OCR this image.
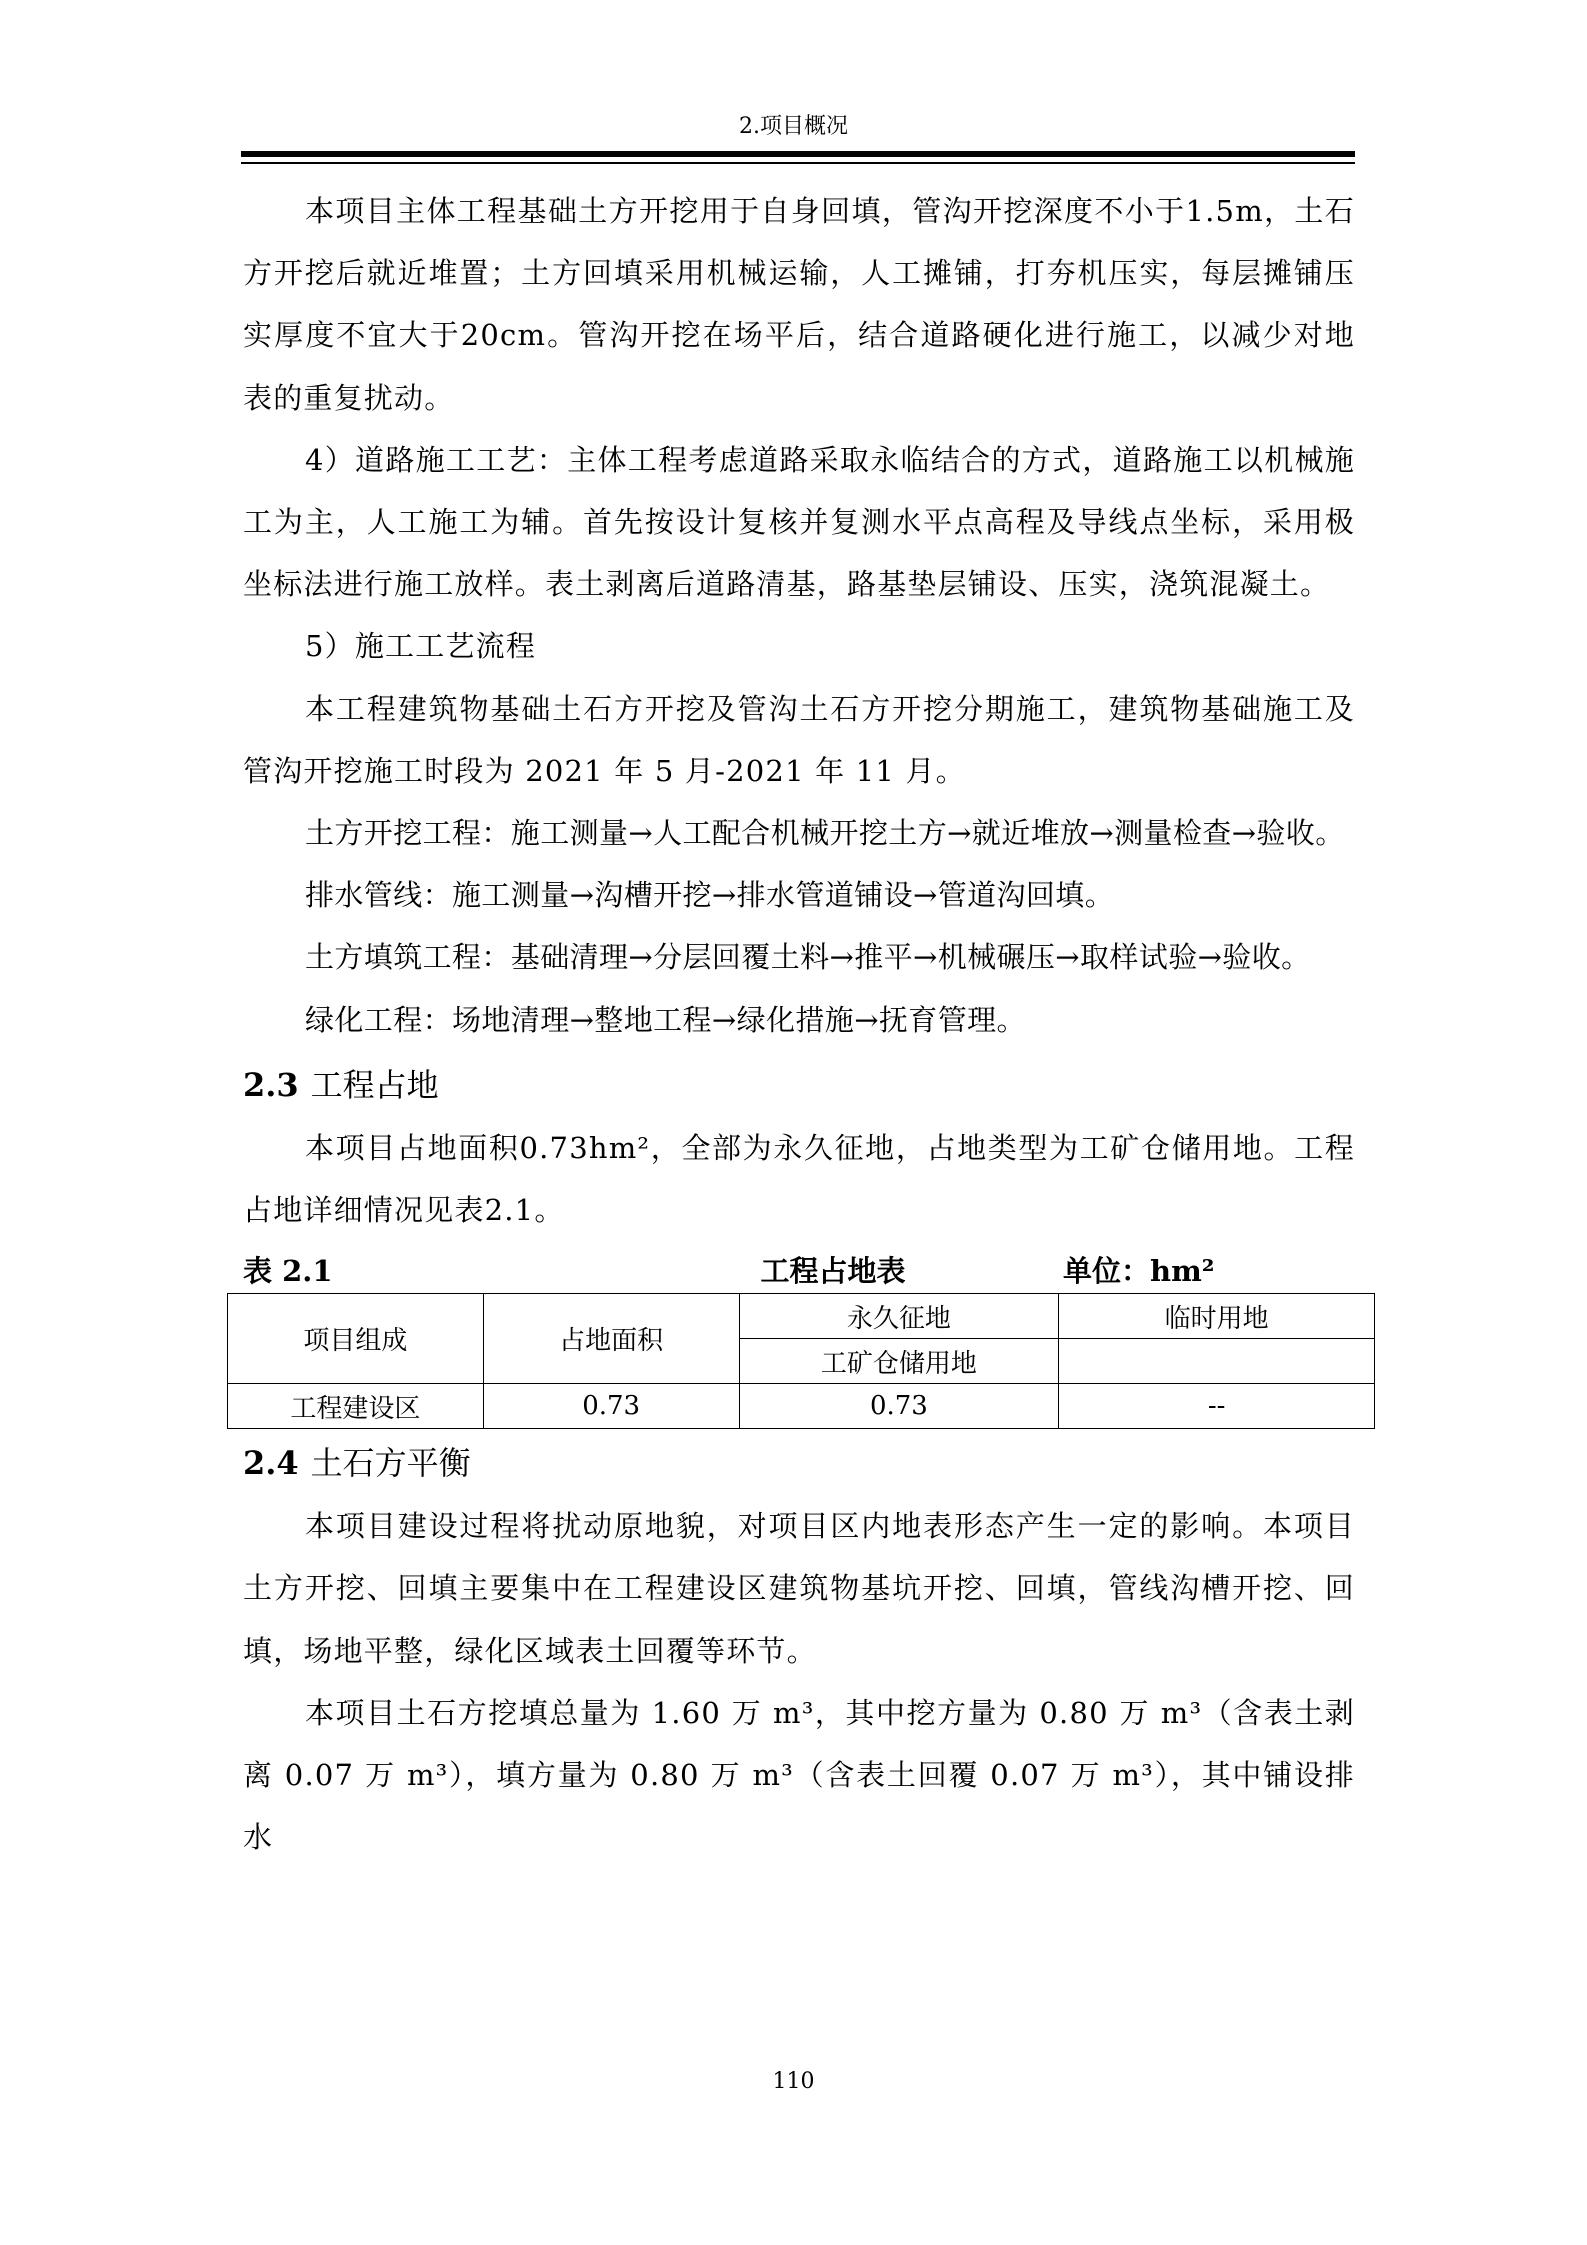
2.项目概况

本项目主体工程基础土方开挖用于自身回填，管沟开挖深度不小于1.5m，土石方开挖后就近堆置；土方回填采用机械运输，人工摊铺，打夯机压实，每层摊铺压实厚度不宜大于20cm。管沟开挖在场平后，结合道路硬化进行施工，以减少对地表的重复扰动。

4）道路施工工艺：主体工程考虑道路采取永临结合的方式，道路施工以机械施工为主，人工施工为辅。首先按设计复核并复测水平点高程及导线点坐标，采用极坐标法进行施工放样。表土剥离后道路清基，路基垫层铺设、压实，浇筑混凝土。

5）施工工艺流程

本工程建筑物基础土石方开挖及管沟土石方开挖分期施工，建筑物基础施工及管沟开挖施工时段为 2021 年 5 月-2021 年 11 月。

土方开挖工程：施工测量→人工配合机械开挖土方→就近堆放→测量检查→验收。

排水管线：施工测量→沟槽开挖→排水管道铺设→管道沟回填。

土方填筑工程：基础清理→分层回覆土料→推平→机械碾压→取样试验→验收。

绿化工程：场地清理→整地工程→绿化措施→抚育管理。

2.3 工程占地

本项目占地面积0.73hm²，全部为永久征地，占地类型为工矿仓储用地。工程占地详细情况见表2.1。

表 2.1	工程占地表	单位：hm²
项目组成	占地面积	永久征地	临时用地
		工矿仓储用地	
工程建设区	0.73	0.73	--
2.4 土石方平衡

本项目建设过程将扰动原地貌，对项目区内地表形态产生一定的影响。本项目土方开挖、回填主要集中在工程建设区建筑物基坑开挖、回填，管线沟槽开挖、回填，场地平整，绿化区域表土回覆等环节。

本项目土石方挖填总量为 1.60 万 m³，其中挖方量为 0.80 万 m³（含表土剥离 0.07 万 m³），填方量为 0.80 万 m³（含表土回覆 0.07 万 m³），其中铺设排水

110
